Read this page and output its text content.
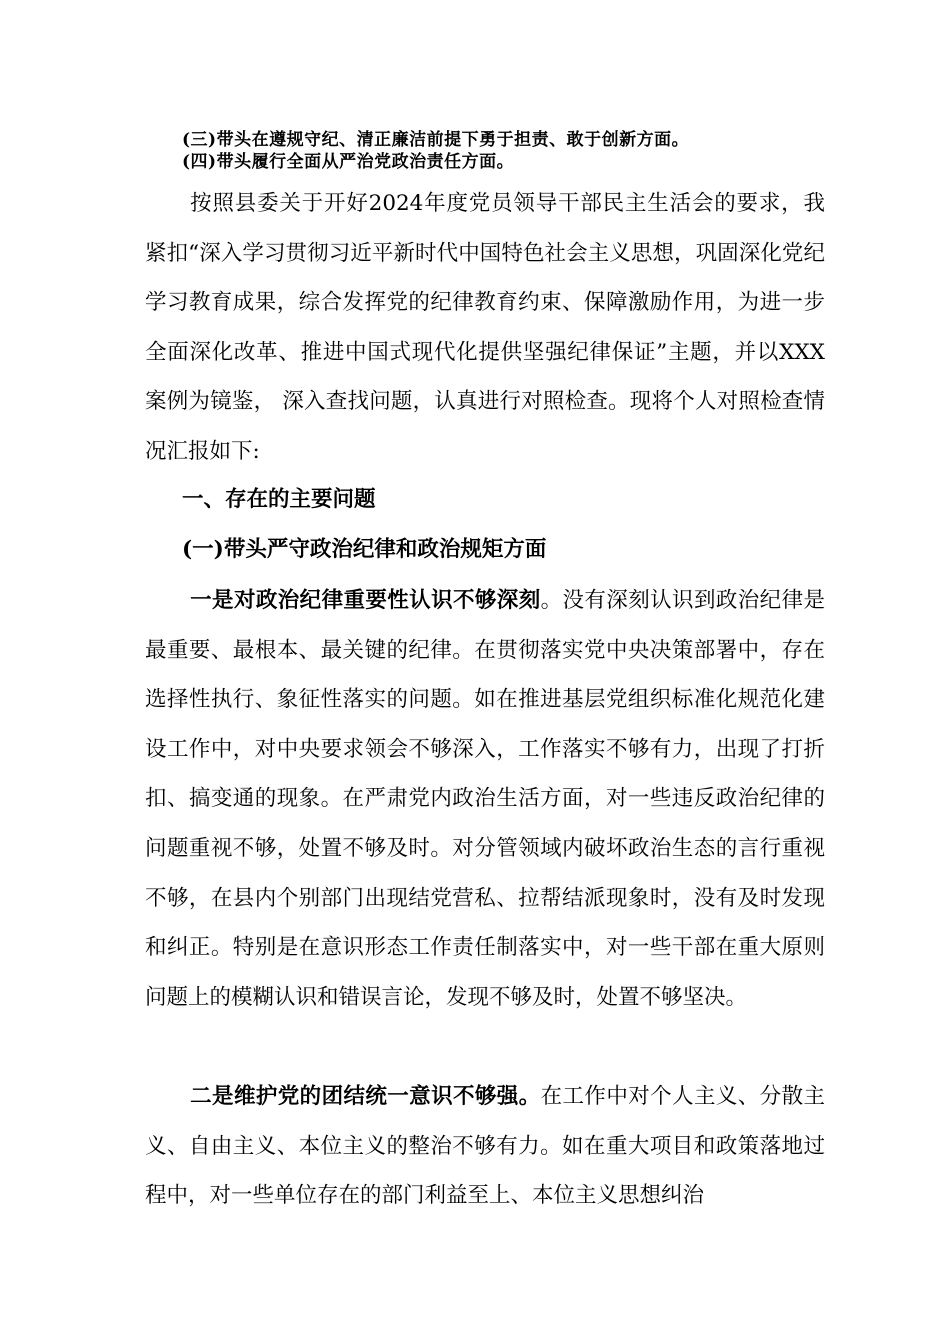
(三)带头在遵规守纪、清正廉洁前提下勇于担责、敢于创新方面。
(四)带头履行全面从严治党政治责任方面。

按照县委关于开好2024年度党员领导干部民主生活会的要求，我紧扣“深入学习贯彻习近平新时代中国特色社会主义思想，巩固深化党纪学习教育成果，综合发挥党的纪律教育约束、保障激励作用，为进一步全面深化改革、推进中国式现代化提供坚强纪律保证”主题，并以XXX案例为镜鉴， 深入查找问题，认真进行对照检查。现将个人对照检查情况汇报如下:

一、存在的主要问题
(一)带头严守政治纪律和政治规矩方面

一是对政治纪律重要性认识不够深刻。没有深刻认识到政治纪律是最重要、最根本、最关键的纪律。在贯彻落实党中央决策部署中，存在选择性执行、象征性落实的问题。如在推进基层党组织标准化规范化建设工作中，对中央要求领会不够深入，工作落实不够有力，出现了打折扣、搞变通的现象。在严肃党内政治生活方面，对一些违反政治纪律的问题重视不够，处置不够及时。对分管领域内破坏政治生态的言行重视不够，在县内个别部门出现结党营私、拉帮结派现象时，没有及时发现和纠正。特别是在意识形态工作责任制落实中，对一些干部在重大原则问题上的模糊认识和错误言论，发现不够及时，处置不够坚决。

二是维护党的团结统一意识不够强。在工作中对个人主义、分散主义、自由主义、本位主义的整治不够有力。如在重大项目和政策落地过程中，对一些单位存在的部门利益至上、本位主义思想纠治
